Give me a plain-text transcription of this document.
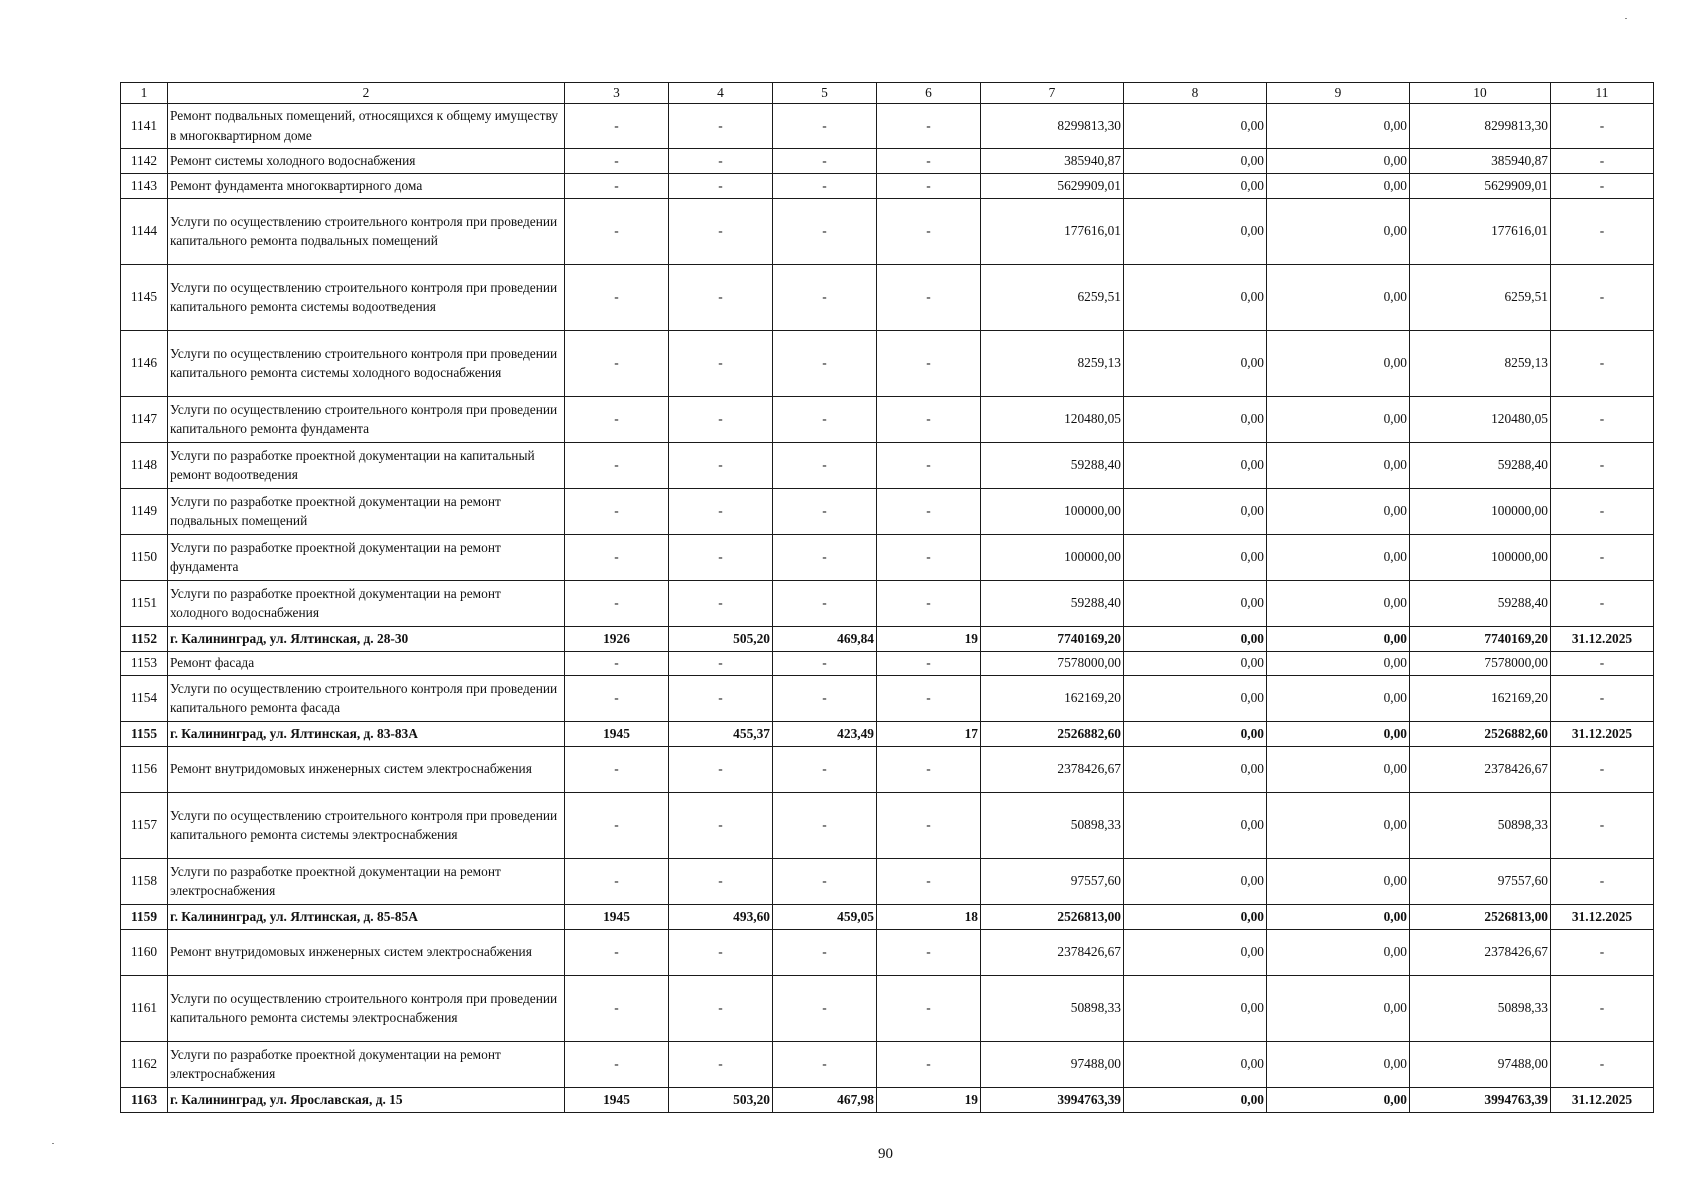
1	2	3	4	5	6	7	8	9	10	11
1141	Ремонт подвальных помещений, относящихся к общему имуществу в многоквартирном доме	-	-	-	-	8299813,30	0,00	0,00	8299813,30	-
1142	Ремонт системы холодного водоснабжения	-	-	-	-	385940,87	0,00	0,00	385940,87	-
1143	Ремонт фундамента многоквартирного дома	-	-	-	-	5629909,01	0,00	0,00	5629909,01	-
1144	Услуги по осуществлению строительного контроля при проведении капитального ремонта подвальных помещений	-	-	-	-	177616,01	0,00	0,00	177616,01	-
1145	Услуги по осуществлению строительного контроля при проведении капитального ремонта системы водоотведения	-	-	-	-	6259,51	0,00	0,00	6259,51	-
1146	Услуги по осуществлению строительного контроля при проведении капитального ремонта системы холодного водоснабжения	-	-	-	-	8259,13	0,00	0,00	8259,13	-
1147	Услуги по осуществлению строительного контроля при проведении капитального ремонта фундамента	-	-	-	-	120480,05	0,00	0,00	120480,05	-
1148	Услуги по разработке проектной документации на капитальный ремонт водоотведения	-	-	-	-	59288,40	0,00	0,00	59288,40	-
1149	Услуги по разработке проектной документации на ремонт подвальных помещений	-	-	-	-	100000,00	0,00	0,00	100000,00	-
1150	Услуги по разработке проектной документации на ремонт фундамента	-	-	-	-	100000,00	0,00	0,00	100000,00	-
1151	Услуги по разработке проектной документации на ремонт холодного водоснабжения	-	-	-	-	59288,40	0,00	0,00	59288,40	-
1152	г. Калининград, ул. Ялтинская, д. 28-30	1926	505,20	469,84	19	7740169,20	0,00	0,00	7740169,20	31.12.2025
1153	Ремонт фасада	-	-	-	-	7578000,00	0,00	0,00	7578000,00	-
1154	Услуги по осуществлению строительного контроля при проведении капитального ремонта фасада	-	-	-	-	162169,20	0,00	0,00	162169,20	-
1155	г. Калининград, ул. Ялтинская, д. 83-83А	1945	455,37	423,49	17	2526882,60	0,00	0,00	2526882,60	31.12.2025
1156	Ремонт внутридомовых инженерных систем электроснабжения	-	-	-	-	2378426,67	0,00	0,00	2378426,67	-
1157	Услуги по осуществлению строительного контроля при проведении капитального ремонта системы электроснабжения	-	-	-	-	50898,33	0,00	0,00	50898,33	-
1158	Услуги по разработке проектной документации на ремонт электроснабжения	-	-	-	-	97557,60	0,00	0,00	97557,60	-
1159	г. Калининград, ул. Ялтинская, д. 85-85А	1945	493,60	459,05	18	2526813,00	0,00	0,00	2526813,00	31.12.2025
1160	Ремонт внутридомовых инженерных систем электроснабжения	-	-	-	-	2378426,67	0,00	0,00	2378426,67	-
1161	Услуги по осуществлению строительного контроля при проведении капитального ремонта системы электроснабжения	-	-	-	-	50898,33	0,00	0,00	50898,33	-
1162	Услуги по разработке проектной документации на ремонт электроснабжения	-	-	-	-	97488,00	0,00	0,00	97488,00	-
1163	г. Калининград, ул. Ярославская, д. 15	1945	503,20	467,98	19	3994763,39	0,00	0,00	3994763,39	31.12.2025
90
